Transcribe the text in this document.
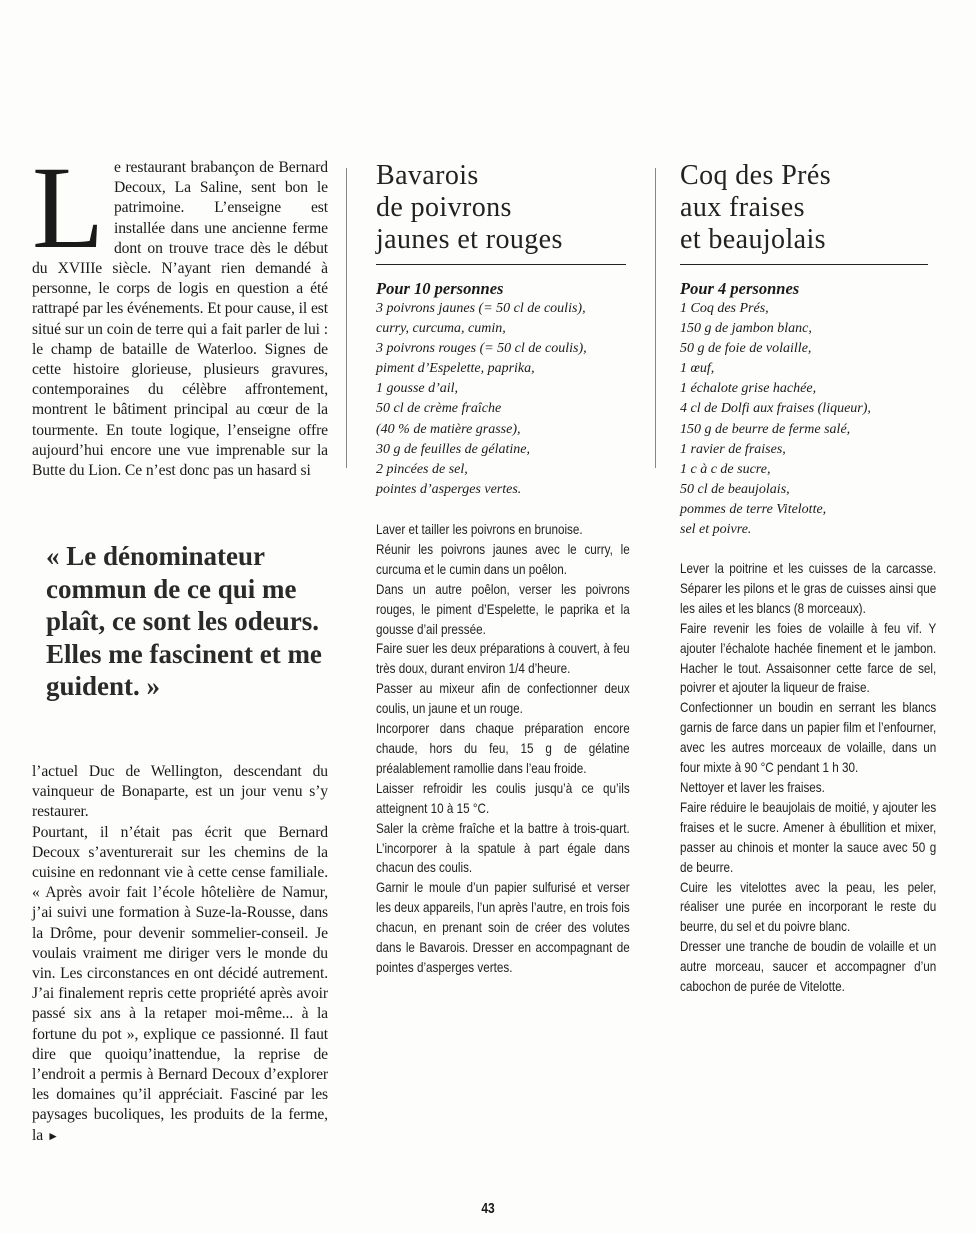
Le restaurant brabançon de Bernard Decoux, La Saline, sent bon le patrimoine. L’enseigne est installée dans une ancienne ferme dont on trouve trace dès le début du XVIIIe siècle. N’ayant rien demandé à personne, le corps de logis en question a été rattrapé par les événements. Et pour cause, il est situé sur un coin de terre qui a fait parler de lui : le champ de bataille de Waterloo. Signes de cette histoire glorieuse, plusieurs gravures, contemporaines du célèbre affrontement, montrent le bâtiment principal au cœur de la tourmente. En toute logique, l’enseigne offre aujourd’hui encore une vue imprenable sur la Butte du Lion. Ce n’est donc pas un hasard si

« Le dénominateur commun de ce qui me plaît, ce sont les odeurs. Elles me fascinent et me guident. »

l’actuel Duc de Wellington, descendant du vainqueur de Bonaparte, est un jour venu s’y restaurer.

Pourtant, il n’était pas écrit que Bernard Decoux s’aventurerait sur les chemins de la cuisine en redonnant vie à cette cense familiale. « Après avoir fait l’école hôtelière de Namur, j’ai suivi une formation à Suze-la-Rousse, dans la Drôme, pour devenir sommelier-conseil. Je voulais vraiment me diriger vers le monde du vin. Les circonstances en ont décidé autrement. J’ai finalement repris cette propriété après avoir passé six ans à la retaper moi-même... à la fortune du pot », explique ce passionné. Il faut dire que quoiqu’inattendue, la reprise de l’endroit a permis à Bernard Decoux d’explorer les domaines qu’il appréciait. Fasciné par les paysages bucoliques, les produits de la ferme, la ►

Bavarois
de poivrons
jaunes et rouges

Pour 10 personnes

3 poivrons jaunes (= 50 cl de coulis),
curry, curcuma, cumin,
3 poivrons rouges (= 50 cl de coulis),
piment d’Espelette, paprika,
1 gousse d’ail,
50 cl de crème fraîche
(40 % de matière grasse),
30 g de feuilles de gélatine,
2 pincées de sel,
pointes d’asperges vertes.

Laver et tailler les poivrons en brunoise.

Réunir les poivrons jaunes avec le curry, le curcuma et le cumin dans un poêlon.

Dans un autre poêlon, verser les poivrons rouges, le piment d’Espelette, le paprika et la gousse d’ail pressée.

Faire suer les deux préparations à couvert, à feu très doux, durant environ 1/4 d’heure.

Passer au mixeur afin de confectionner deux coulis, un jaune et un rouge.

Incorporer dans chaque préparation encore chaude, hors du feu, 15 g de gélatine préalablement ramollie dans l’eau froide.

Laisser refroidir les coulis jusqu’à ce qu’ils atteignent 10 à 15 °C.

Saler la crème fraîche et la battre à trois-quart. L’incorporer à la spatule à part égale dans chacun des coulis.

Garnir le moule d’un papier sulfurisé et verser les deux appareils, l’un après l’autre, en trois fois chacun, en prenant soin de créer des volutes dans le Bavarois. Dresser en accompagnant de pointes d’asperges vertes.

Coq des Prés
aux fraises
et beaujolais

Pour 4 personnes

1 Coq des Prés,
150 g de jambon blanc,
50 g de foie de volaille,
1 œuf,
1 échalote grise hachée,
4 cl de Dolfi aux fraises (liqueur),
150 g de beurre de ferme salé,
1 ravier de fraises,
1 c à c de sucre,
50 cl de beaujolais,
pommes de terre Vitelotte,
sel et poivre.

Lever la poitrine et les cuisses de la carcasse. Séparer les pilons et le gras de cuisses ainsi que les ailes et les blancs (8 morceaux).

Faire revenir les foies de volaille à feu vif. Y ajouter l’échalote hachée finement et le jambon. Hacher le tout. Assaisonner cette farce de sel, poivrer et ajouter la liqueur de fraise.

Confectionner un boudin en serrant les blancs garnis de farce dans un papier film et l’enfourner, avec les autres morceaux de volaille, dans un four mixte à 90 °C pendant 1 h 30.

Nettoyer et laver les fraises.

Faire réduire le beaujolais de moitié, y ajouter les fraises et le sucre. Amener à ébullition et mixer, passer au chinois et monter la sauce avec 50 g de beurre.

Cuire les vitelottes avec la peau, les peler, réaliser une purée en incorporant le reste du beurre, du sel et du poivre blanc.

Dresser une tranche de boudin de volaille et un autre morceau, saucer et accompagner d’un cabochon de purée de Vitelotte.

43
